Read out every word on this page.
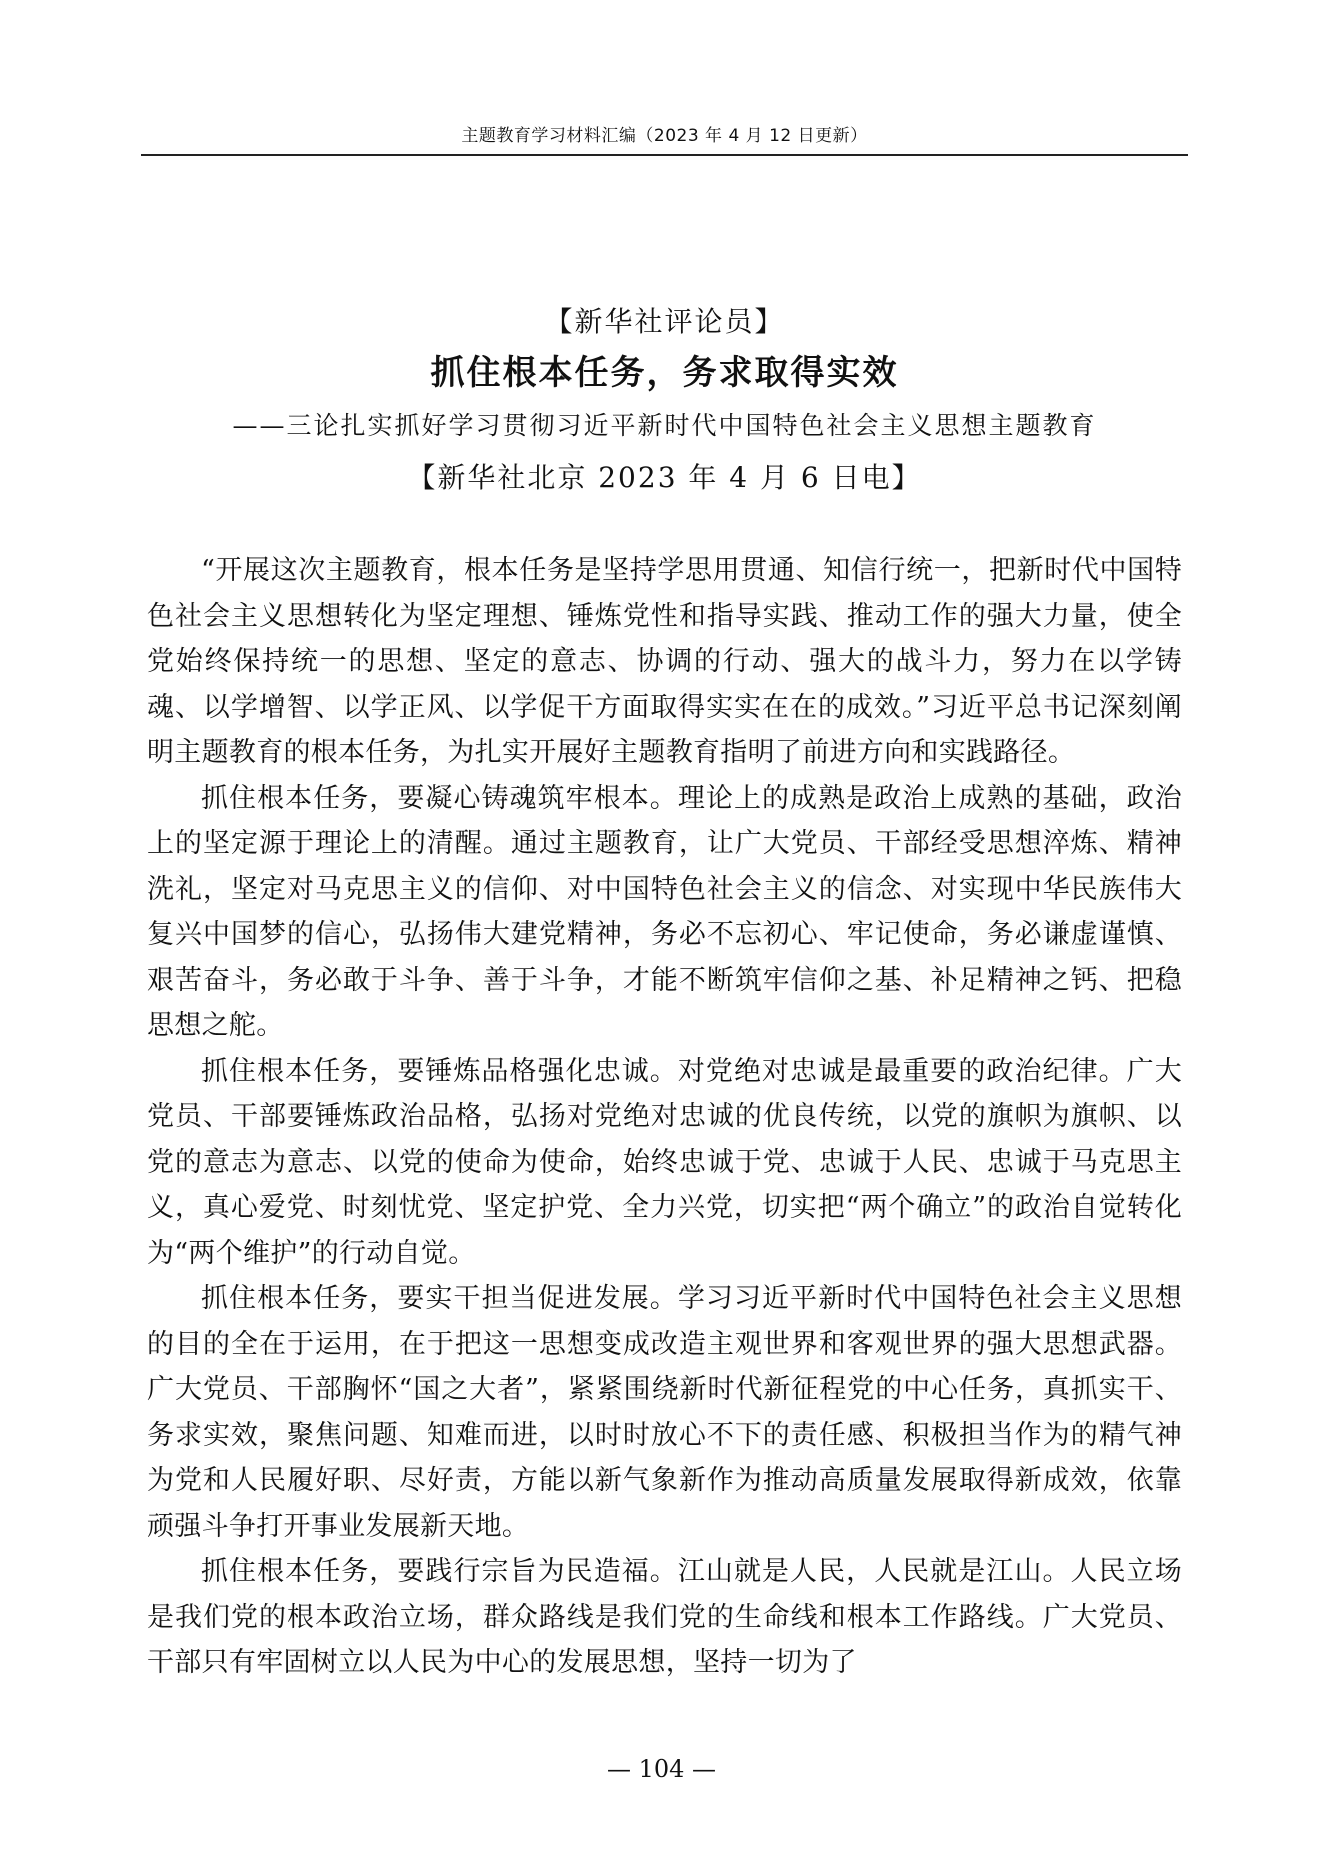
主题教育学习材料汇编（2023 年 4 月 12 日更新）
【新华社评论员】
抓住根本任务，务求取得实效
——三论扎实抓好学习贯彻习近平新时代中国特色社会主义思想主题教育
【新华社北京 2023 年 4 月 6 日电】

“开展这次主题教育，根本任务是坚持学思用贯通、知信行统一，把新时代中国特色社会主义思想转化为坚定理想、锤炼党性和指导实践、推动工作的强大力量，使全党始终保持统一的思想、坚定的意志、协调的行动、强大的战斗力，努力在以学铸魂、以学增智、以学正风、以学促干方面取得实实在在的成效。”习近平总书记深刻阐明主题教育的根本任务，为扎实开展好主题教育指明了前进方向和实践路径。

抓住根本任务，要凝心铸魂筑牢根本。理论上的成熟是政治上成熟的基础，政治上的坚定源于理论上的清醒。通过主题教育，让广大党员、干部经受思想淬炼、精神洗礼，坚定对马克思主义的信仰、对中国特色社会主义的信念、对实现中华民族伟大复兴中国梦的信心，弘扬伟大建党精神，务必不忘初心、牢记使命，务必谦虚谨慎、艰苦奋斗，务必敢于斗争、善于斗争，才能不断筑牢信仰之基、补足精神之钙、把稳思想之舵。

抓住根本任务，要锤炼品格强化忠诚。对党绝对忠诚是最重要的政治纪律。广大党员、干部要锤炼政治品格，弘扬对党绝对忠诚的优良传统，以党的旗帜为旗帜、以党的意志为意志、以党的使命为使命，始终忠诚于党、忠诚于人民、忠诚于马克思主义，真心爱党、时刻忧党、坚定护党、全力兴党，切实把“两个确立”的政治自觉转化为“两个维护”的行动自觉。

抓住根本任务，要实干担当促进发展。学习习近平新时代中国特色社会主义思想的目的全在于运用，在于把这一思想变成改造主观世界和客观世界的强大思想武器。广大党员、干部胸怀“国之大者”，紧紧围绕新时代新征程党的中心任务，真抓实干、务求实效，聚焦问题、知难而进，以时时放心不下的责任感、积极担当作为的精气神为党和人民履好职、尽好责，方能以新气象新作为推动高质量发展取得新成效，依靠顽强斗争打开事业发展新天地。

抓住根本任务，要践行宗旨为民造福。江山就是人民，人民就是江山。人民立场是我们党的根本政治立场，群众路线是我们党的生命线和根本工作路线。广大党员、干部只有牢固树立以人民为中心的发展思想，坚持一切为了

— 104 —
